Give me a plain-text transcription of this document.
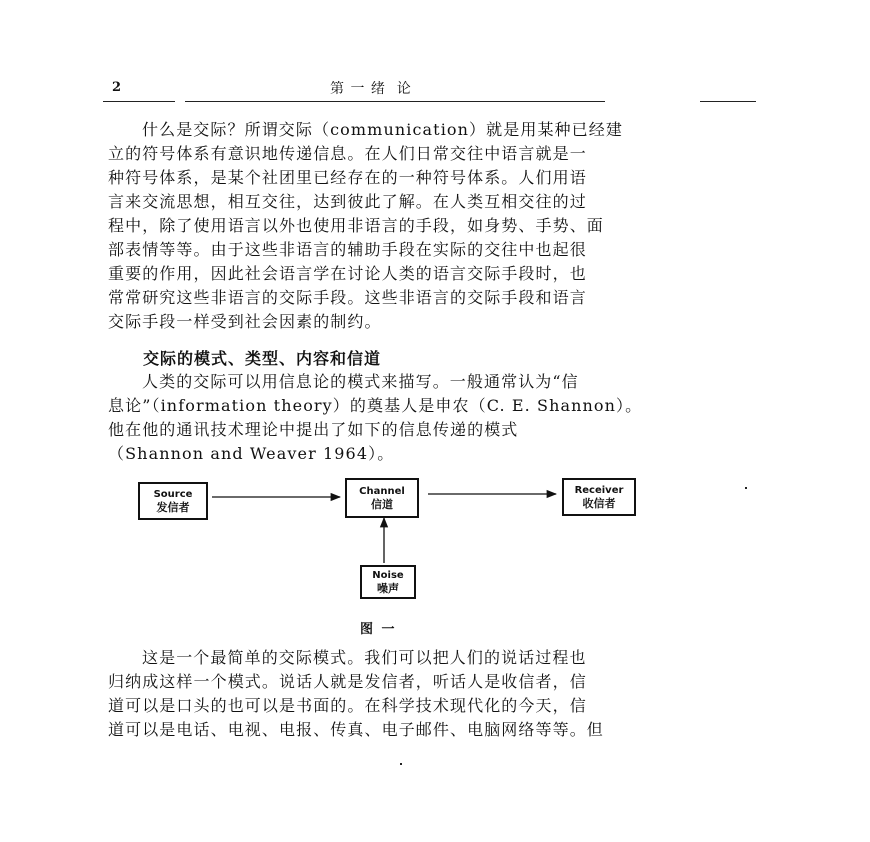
2	第 一 绪  论
什么是交际？所谓交际（communication）就是用某种已经建
立的符号体系有意识地传递信息。在人们日常交往中语言就是一
种符号体系，是某个社团里已经存在的一种符号体系。人们用语
言来交流思想，相互交往，达到彼此了解。在人类互相交往的过
程中，除了使用语言以外也使用非语言的手段，如身势、手势、面
部表情等等。由于这些非语言的辅助手段在实际的交往中也起很
重要的作用，因此社会语言学在讨论人类的语言交际手段时，也
常常研究这些非语言的交际手段。这些非语言的交际手段和语言
交际手段一样受到社会因素的制约。
交际的模式、类型、内容和信道
人类的交际可以用信息论的模式来描写。一般通常认为“信
息论”（information theory）的奠基人是申农（C. E. Shannon）。
他在他的通讯技术理论中提出了如下的信息传递的模式
（Shannon and Weaver 1964）。
Source
发信者
Channel
信道
Receiver
收信者
Noise
噪声
图 一
这是一个最简单的交际模式。我们可以把人们的说话过程也
归纳成这样一个模式。说话人就是发信者，听话人是收信者，信
道可以是口头的也可以是书面的。在科学技术现代化的今天，信
道可以是电话、电视、电报、传真、电子邮件、电脑网络等等。但
